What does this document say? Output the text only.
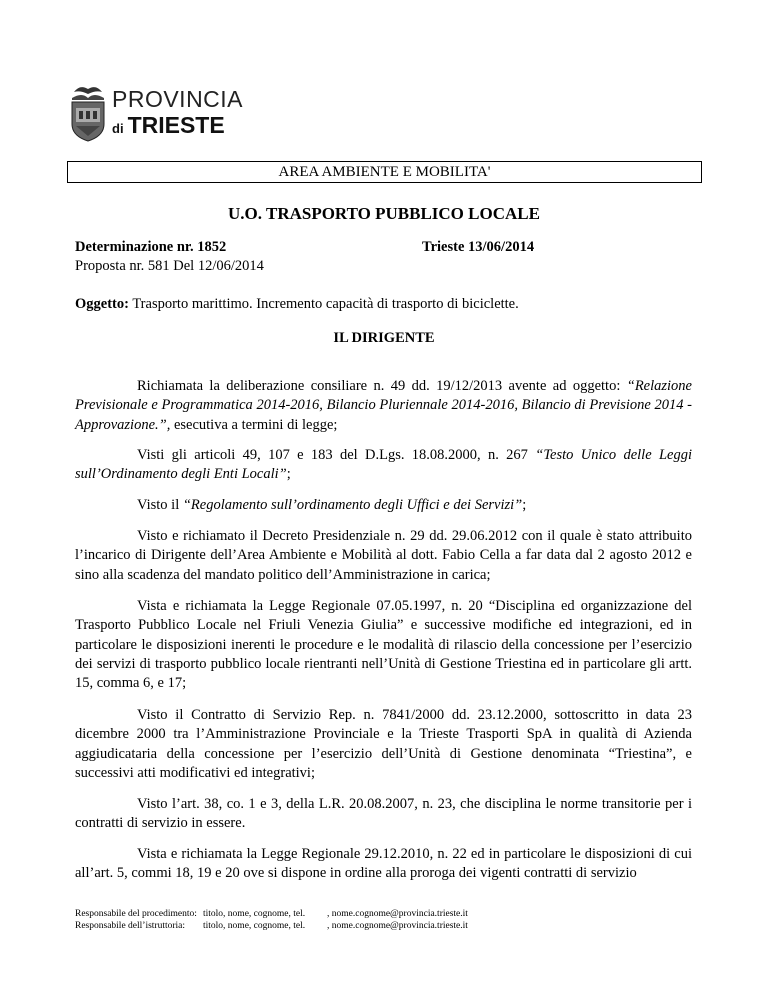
PROVINCIA
di TRIESTE
AREA AMBIENTE E MOBILITA'
U.O. TRASPORTO PUBBLICO LOCALE
Determinazione nr. 1852
Proposta nr. 581 Del 12/06/2014
Trieste 13/06/2014
Oggetto: Trasporto marittimo. Incremento capacità di trasporto di biciclette.
IL DIRIGENTE
Richiamata la deliberazione consiliare n. 49 dd. 19/12/2013 avente ad oggetto: “Relazione Previsionale e Programmatica 2014-2016, Bilancio Pluriennale 2014-2016, Bilancio di Previsione 2014 - Approvazione.”, esecutiva a termini di legge;
Visti gli articoli 49, 107 e 183 del D.Lgs. 18.08.2000, n. 267 “Testo Unico delle Leggi sull’Ordinamento degli Enti Locali”;
Visto il “Regolamento sull’ordinamento degli Uffici e dei Servizi”;
Visto e richiamato il Decreto Presidenziale n. 29 dd. 29.06.2012 con il quale è stato attribuito l’incarico di Dirigente dell’Area Ambiente e Mobilità al dott. Fabio Cella a far data dal 2 agosto 2012 e sino alla scadenza del mandato politico dell’Amministrazione in carica;
Vista e richiamata la Legge Regionale 07.05.1997, n. 20 “Disciplina ed organizzazione del Trasporto Pubblico Locale nel Friuli Venezia Giulia” e successive modifiche ed integrazioni, ed in particolare le disposizioni inerenti le procedure e le modalità di rilascio della concessione per l’esercizio dei servizi di trasporto pubblico locale rientranti nell’Unità di Gestione Triestina ed in particolare gli artt. 15, comma 6, e 17;
Visto il Contratto di Servizio Rep. n. 7841/2000 dd. 23.12.2000, sottoscritto in data 23 dicembre 2000 tra l’Amministrazione Provinciale e la Trieste Trasporti SpA in qualità di Azienda aggiudicataria della concessione per l’esercizio dell’Unità di Gestione denominata “Triestina”, e successivi atti modificativi ed integrativi;
Visto l’art. 38, co. 1 e 3, della L.R. 20.08.2007, n. 23, che disciplina le norme transitorie per i contratti di servizio in essere.
Vista e richiamata la Legge Regionale 29.12.2010, n. 22 ed in particolare le disposizioni di cui all’art. 5, commi 18, 19 e 20 ove si dispone in ordine alla proroga dei vigenti contratti di servizio
Responsabile del procedimento: titolo, nome, cognome, tel. , nome.cognome@provincia.trieste.it
Responsabile dell’istruttoria: titolo, nome, cognome, tel. , nome.cognome@provincia.trieste.it
